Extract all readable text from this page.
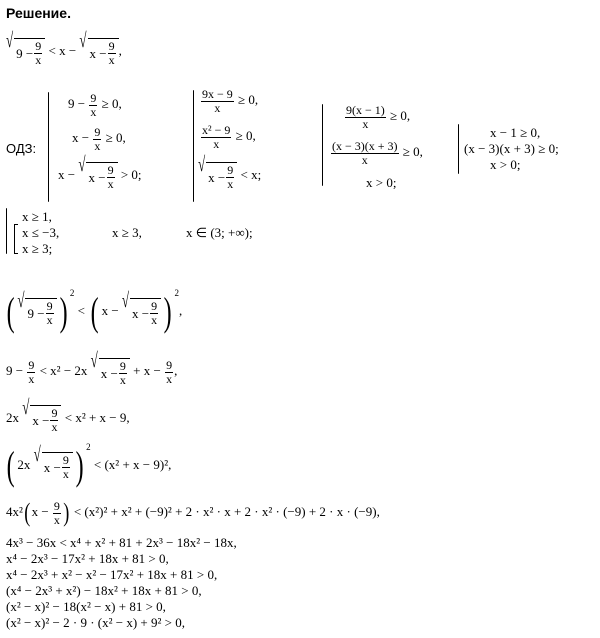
Решение.
√
$9 - \frac{9}{x} < x$ − √
$x - \frac{9}{x}$ ,
ОДЗ:
$9 - \frac{9}{x} \ge 0$,
$x - \frac{9}{x} \ge 0$,
x − √
$x - \frac{9}{x} > 0$;
$\frac{9x - 9}{x} \ge 0$,
$\frac{\text{x² − 9}}{x} \ge 0$,
√
$x - \frac{9}{x} < x$;
$\frac{9(x - 1)}{x} \ge 0$,
$\frac{(x - 3)(x + 3)}{x} \ge 0$,
x > 0;
x − 1 ≥ 0,
(x − 3)(x + 3) ≥ 0;
x > 0;
x ≥ 1,
x ≤ −3,
x ≥ 3;
x ≥ 3,	x ∈ (3; +∞);
( √
$9 - \frac{9}{x}$ ) $^2$ < ( x − √
$x - \frac{9}{x}$ ) $^2$,
$9 - \frac{9}{x} < x^2 - 2x$ √
$x - \frac{9}{x} + x - \frac{9}{x}$ ,
2x √
$x - \frac{9}{x} < x^2 + x - 9$,
( 2x √
$x - \frac{9}{x}$ ) $^2$ < (x² + x − 9)²,
$4x^2(x - \frac{9}{x}$ ) < (x²)² + x² + (−9)² + 2 · x² · x + 2 · x² · (−9) + 2 · x · (−9),
4x³ − 36x < x⁴ + x² + 81 + 2x³ − 18x² − 18x,
x⁴ − 2x³ − 17x² + 18x + 81 > 0,
x⁴ − 2x³ + x² − x² − 17x² + 18x + 81 > 0,
(x⁴ − 2x³ + x²) − 18x² + 18x + 81 > 0,
(x² − x)² − 18(x² − x) + 81 > 0,
(x² − x)² − 2 · 9 · (x² − x) + 9² > 0,
